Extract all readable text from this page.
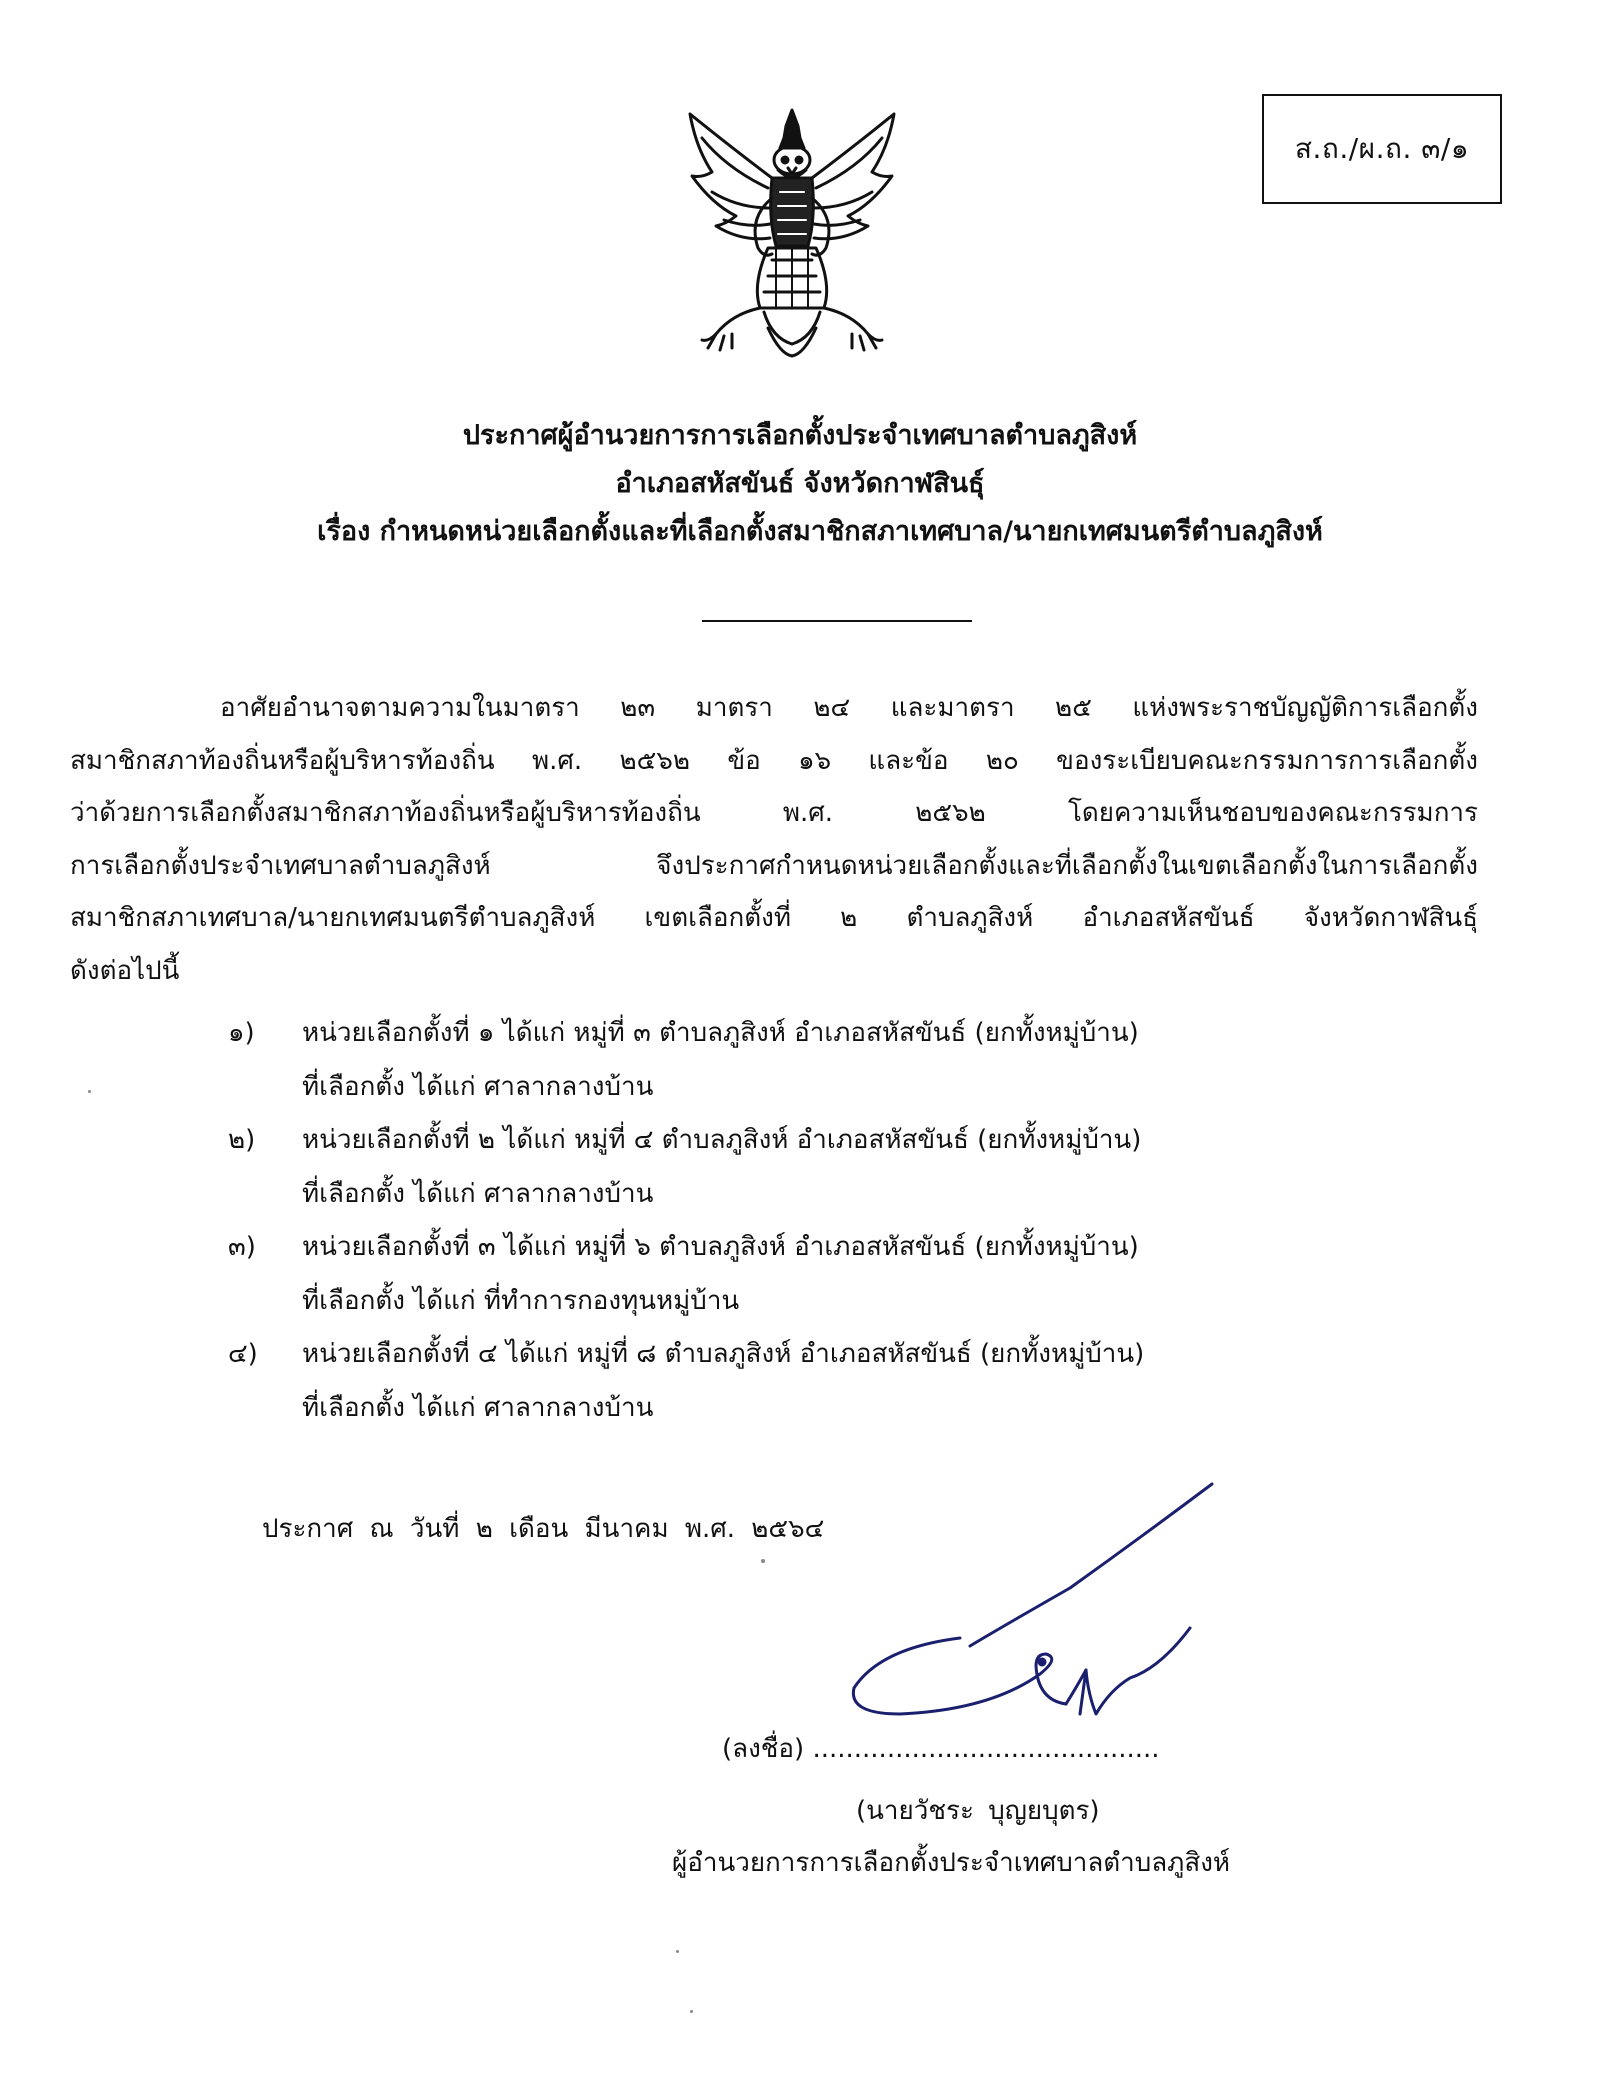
ส.ถ./ผ.ถ. ๓/๑
ประกาศผู้อำนวยการการเลือกตั้งประจำเทศบาลตำบลภูสิงห์
อำเภอสหัสขันธ์ จังหวัดกาฬสินธุ์
เรื่อง กำหนดหน่วยเลือกตั้งและที่เลือกตั้งสมาชิกสภาเทศบาล/นายกเทศมนตรีตำบลภูสิงห์
อาศัยอำนาจตามความในมาตรา ๒๓ มาตรา ๒๔ และมาตรา ๒๕ แห่งพระราชบัญญัติการเลือกตั้ง
สมาชิกสภาท้องถิ่นหรือผู้บริหารท้องถิ่น พ.ศ. ๒๕๖๒ ข้อ ๑๖ และข้อ ๒๐ ของระเบียบคณะกรรมการการเลือกตั้ง
ว่าด้วยการเลือกตั้งสมาชิกสภาท้องถิ่นหรือผู้บริหารท้องถิ่น พ.ศ. ๒๕๖๒ โดยความเห็นชอบของคณะกรรมการ
การเลือกตั้งประจำเทศบาลตำบลภูสิงห์ จึงประกาศกำหนดหน่วยเลือกตั้งและที่เลือกตั้งในเขตเลือกตั้งในการเลือกตั้ง
สมาชิกสภาเทศบาล/นายกเทศมนตรีตำบลภูสิงห์ เขตเลือกตั้งที่ ๒ ตำบลภูสิงห์ อำเภอสหัสขันธ์ จังหวัดกาฬสินธุ์
ดังต่อไปนี้
๑) หน่วยเลือกตั้งที่ ๑ ได้แก่ หมู่ที่ ๓ ตำบลภูสิงห์ อำเภอสหัสขันธ์ (ยกทั้งหมู่บ้าน)
ที่เลือกตั้ง ได้แก่ ศาลากลางบ้าน
๒) หน่วยเลือกตั้งที่ ๒ ได้แก่ หมู่ที่ ๔ ตำบลภูสิงห์ อำเภอสหัสขันธ์ (ยกทั้งหมู่บ้าน)
ที่เลือกตั้ง ได้แก่ ศาลากลางบ้าน
๓) หน่วยเลือกตั้งที่ ๓ ได้แก่ หมู่ที่ ๖ ตำบลภูสิงห์ อำเภอสหัสขันธ์ (ยกทั้งหมู่บ้าน)
ที่เลือกตั้ง ได้แก่ ที่ทำการกองทุนหมู่บ้าน
๔) หน่วยเลือกตั้งที่ ๔ ได้แก่ หมู่ที่ ๘ ตำบลภูสิงห์ อำเภอสหัสขันธ์ (ยกทั้งหมู่บ้าน)
ที่เลือกตั้ง ได้แก่ ศาลากลางบ้าน
ประกาศ ณ วันที่ ๒ เดือน มีนาคม พ.ศ. ๒๕๖๔
(ลงชื่อ) ..........................................
(นายวัชระ บุญยบุตร)
ผู้อำนวยการการเลือกตั้งประจำเทศบาลตำบลภูสิงห์
